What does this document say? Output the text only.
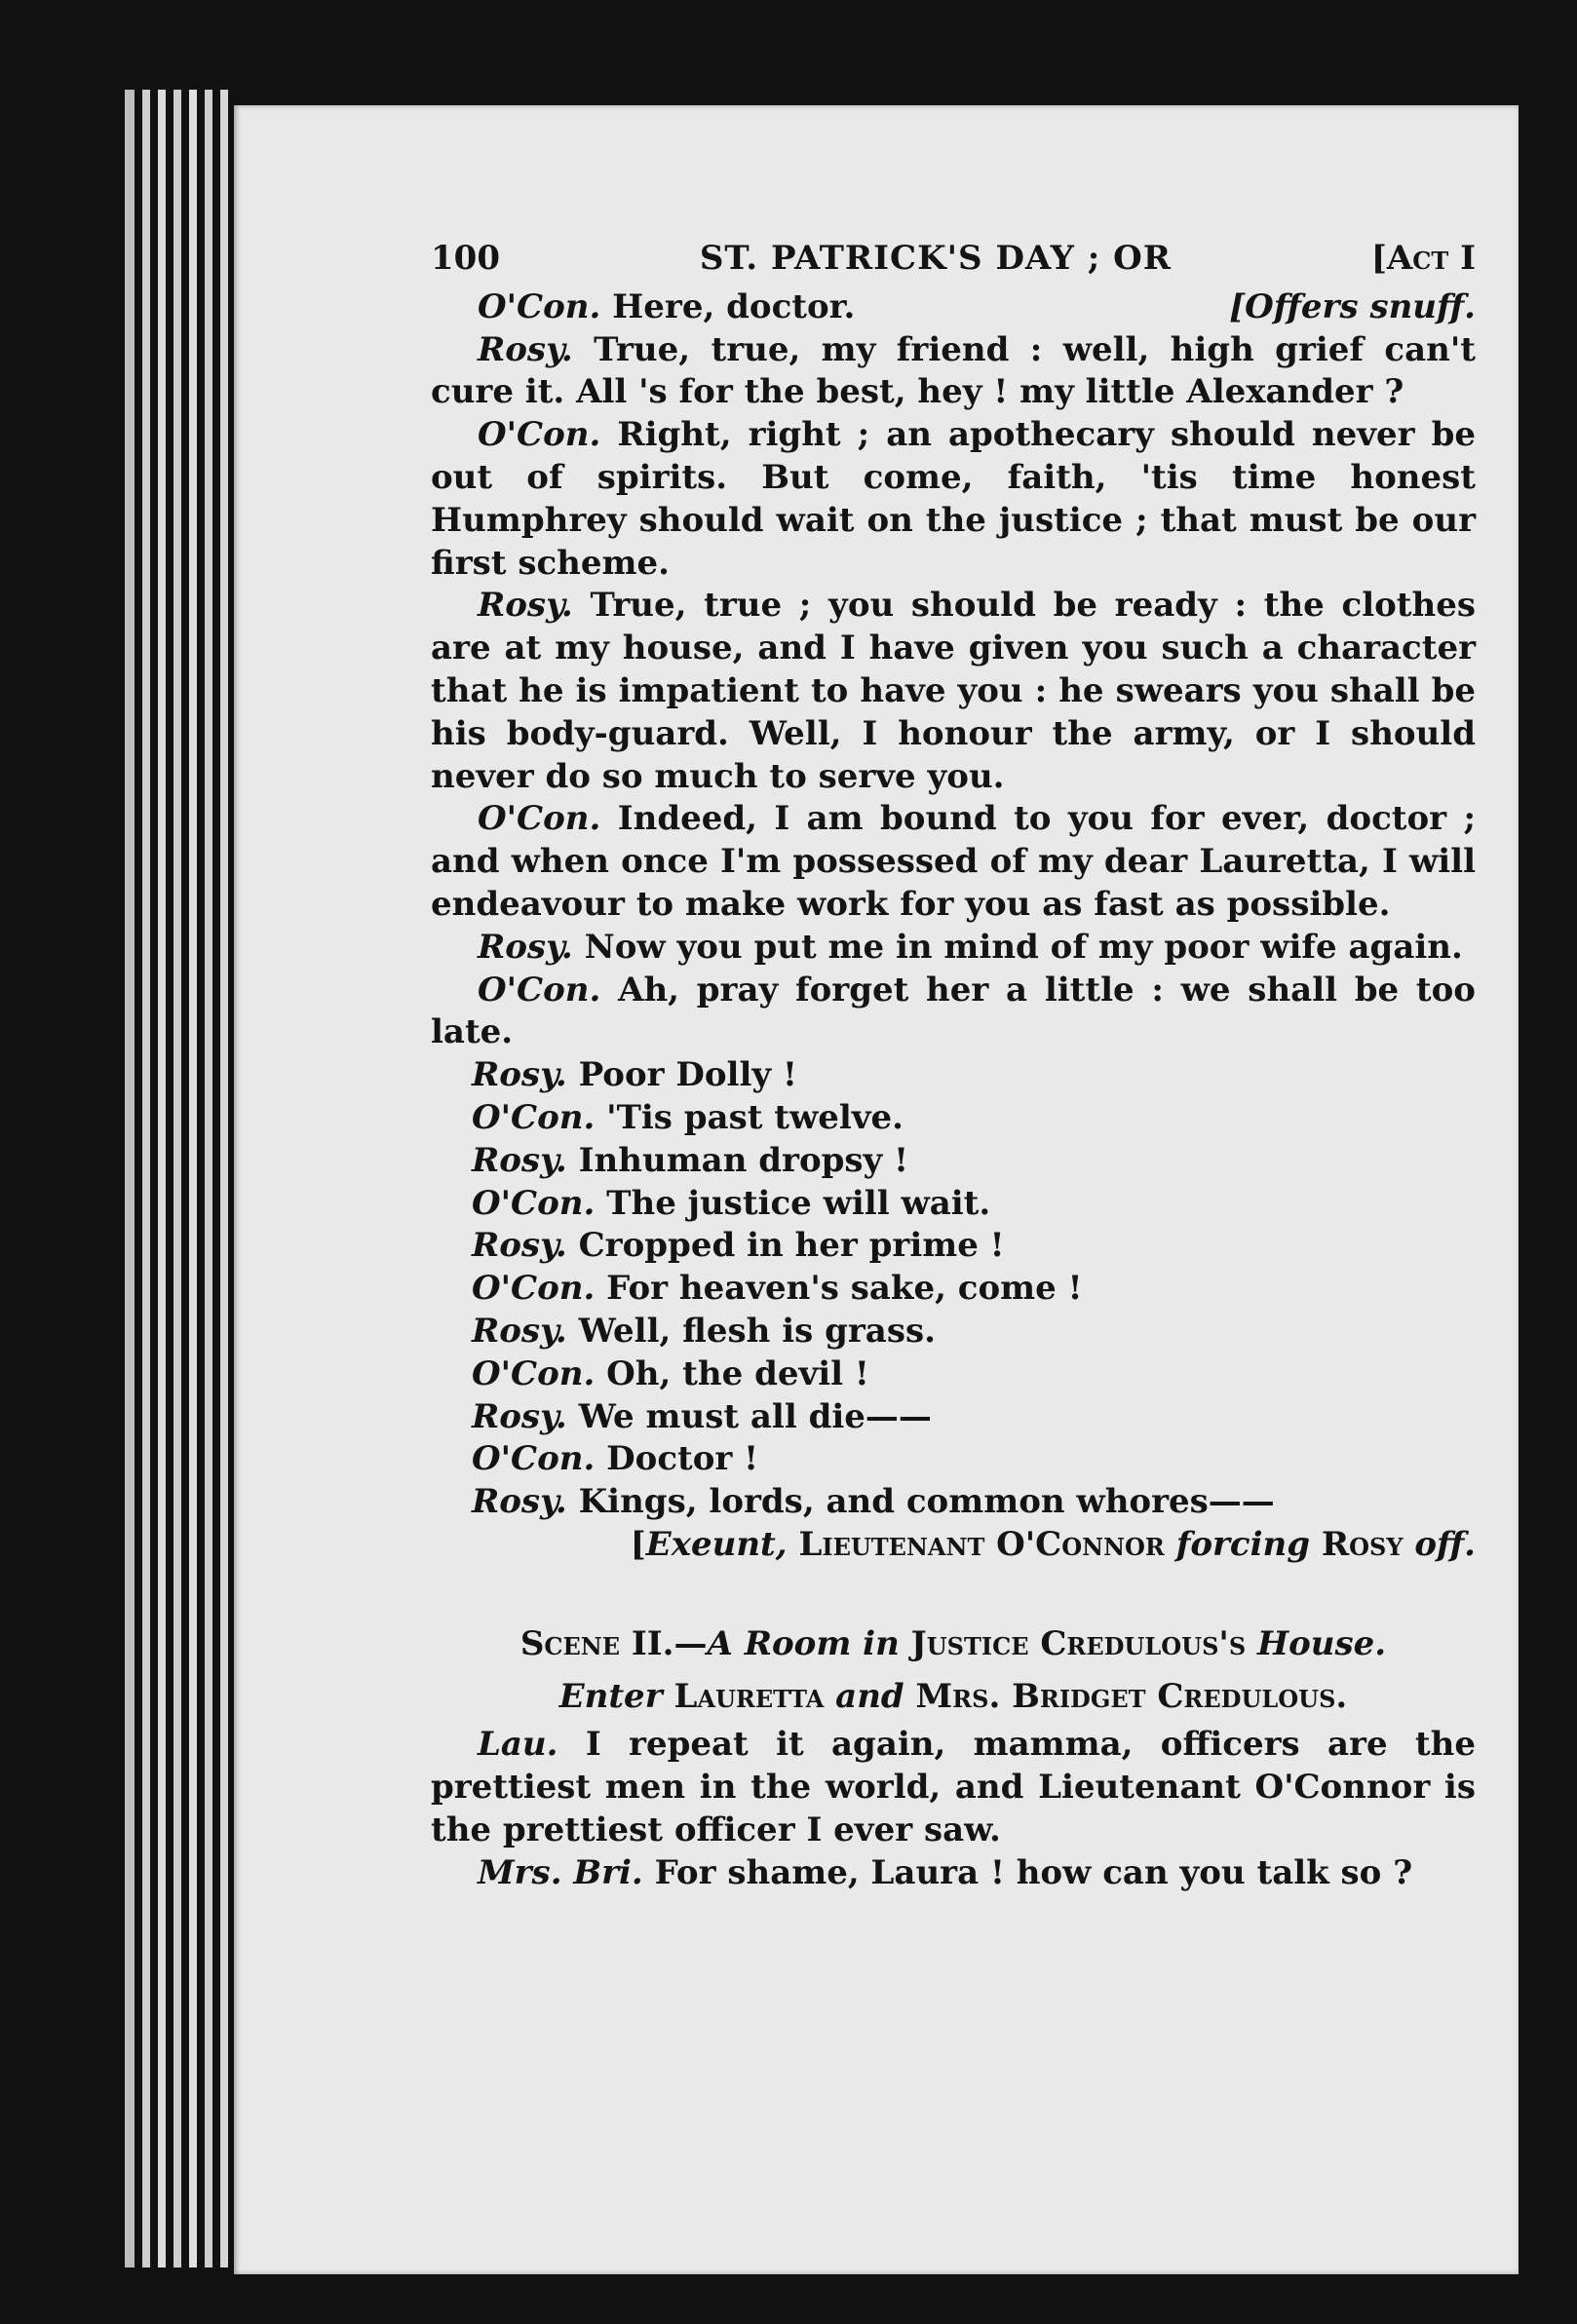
100	ST. PATRICK'S DAY ; OR	[Act I

[Offers snuff.
O'Con. Here, doctor.

Rosy. True, true, my friend : well, high grief can't cure it. All 's for the best, hey ! my little Alexander ?

O'Con. Right, right ; an apothecary should never be out of spirits. But come, faith, 'tis time honest Humphrey should wait on the justice ; that must be our first scheme.

Rosy. True, true ; you should be ready : the clothes are at my house, and I have given you such a character that he is impatient to have you : he swears you shall be his body-guard. Well, I honour the army, or I should never do so much to serve you.

O'Con. Indeed, I am bound to you for ever, doctor ; and when once I'm possessed of my dear Lauretta, I will endeavour to make work for you as fast as possible.

Rosy. Now you put me in mind of my poor wife again.

O'Con. Ah, pray forget her a little : we shall be too late.

Rosy. Poor Dolly !

O'Con. 'Tis past twelve.

Rosy. Inhuman dropsy !

O'Con. The justice will wait.

Rosy. Cropped in her prime !

O'Con. For heaven's sake, come !

Rosy. Well, flesh is grass.

O'Con. Oh, the devil !

Rosy. We must all die——

O'Con. Doctor !

Rosy. Kings, lords, and common whores——

[Exeunt, Lieutenant O'Connor forcing Rosy off.

Scene II.—A Room in Justice Credulous's House.

Enter Lauretta and Mrs. Bridget Credulous.

Lau. I repeat it again, mamma, officers are the prettiest men in the world, and Lieutenant O'Connor is the prettiest officer I ever saw.

Mrs. Bri. For shame, Laura ! how can you talk so ?
